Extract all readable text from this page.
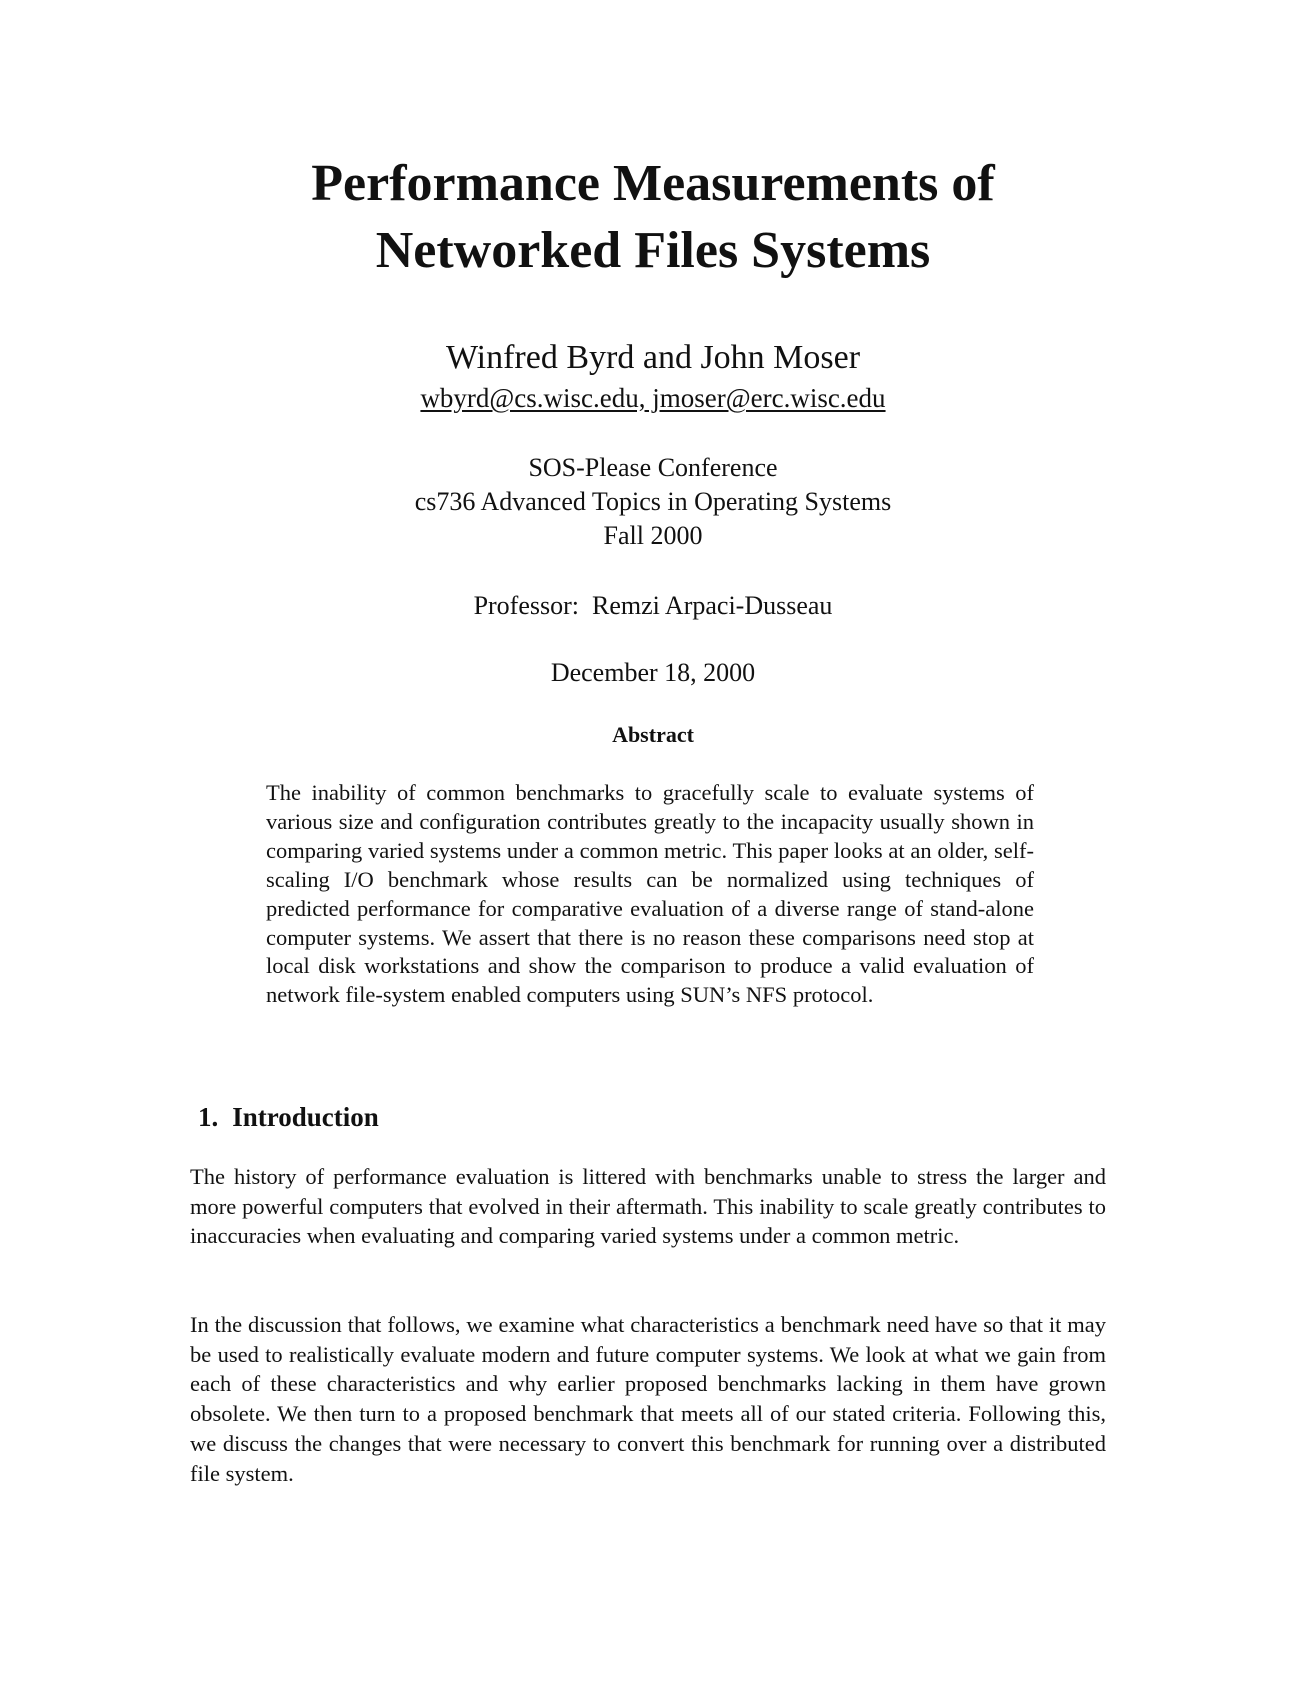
Performance Measurements of
Networked Files Systems
Winfred Byrd and John Moser
wbyrd@cs.wisc.edu, jmoser@erc.wisc.edu
SOS-Please Conference
cs736 Advanced Topics in Operating Systems
Fall 2000
Professor:  Remzi Arpaci-Dusseau
December 18, 2000
Abstract
The inability of common benchmarks to gracefully scale to evaluate systems of various size and configuration contributes greatly to the incapacity usually shown in comparing varied systems under a common metric. This paper looks at an older, self-scaling I/O benchmark whose results can be normalized using techniques of predicted performance for comparative evaluation of a diverse range of stand-alone computer systems. We assert that there is no reason these comparisons need stop at local disk workstations and show the comparison to produce a valid evaluation of network file-system enabled computers using SUN’s NFS protocol.
1. Introduction
The history of performance evaluation is littered with benchmarks unable to stress the larger and more powerful computers that evolved in their aftermath. This inability to scale greatly contributes to inaccuracies when evaluating and comparing varied systems under a common metric.
In the discussion that follows, we examine what characteristics a benchmark need have so that it may be used to realistically evaluate modern and future computer systems. We look at what we gain from each of these characteristics and why earlier proposed benchmarks lacking in them have grown obsolete. We then turn to a proposed benchmark that meets all of our stated criteria. Following this, we discuss the changes that were necessary to convert this benchmark for running over a distributed file system.
